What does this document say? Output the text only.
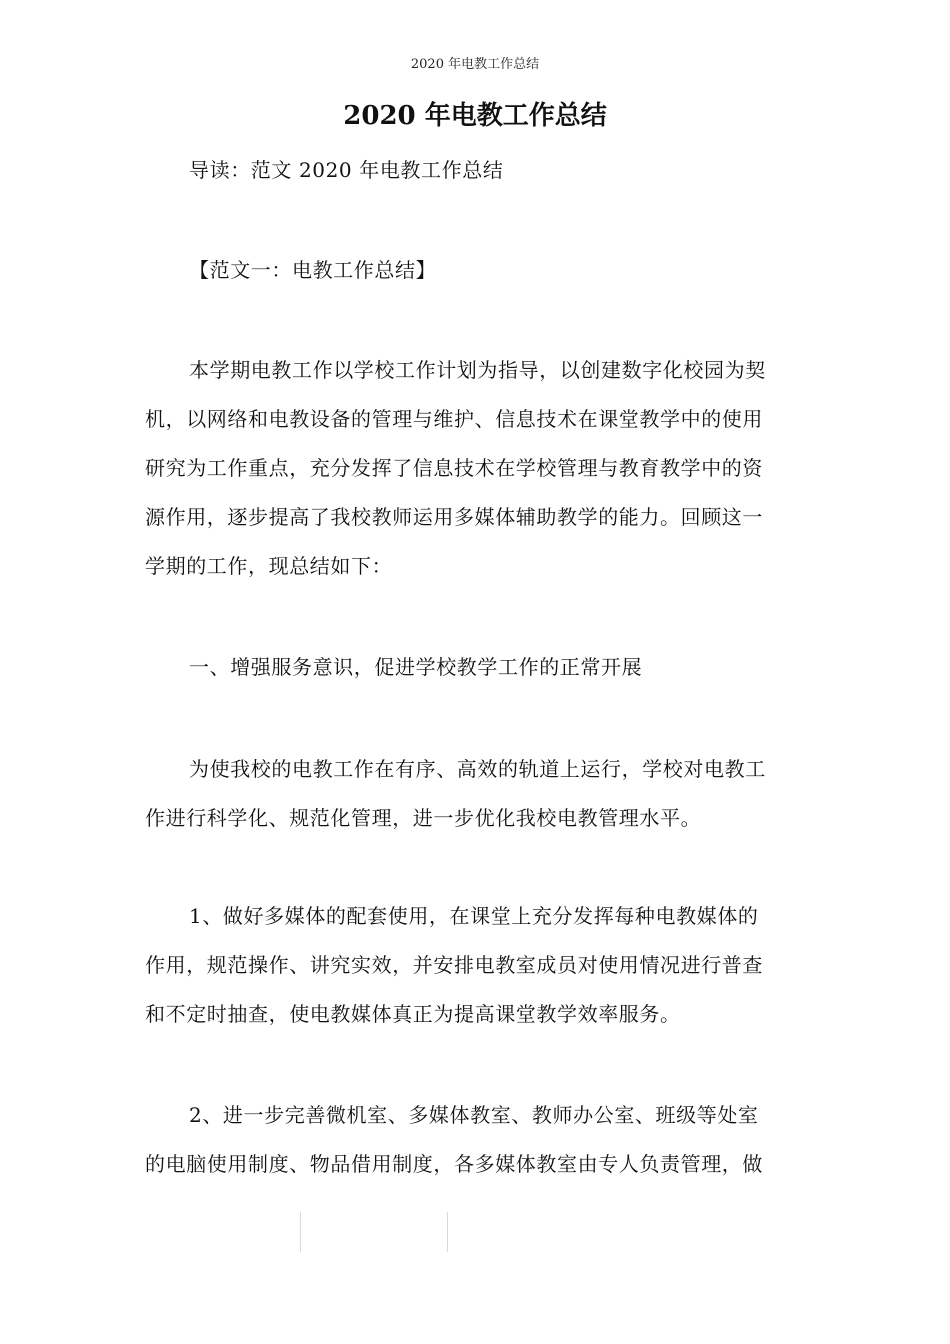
2020 年电教工作总结
2020 年电教工作总结

导读：范文 2020 年电教工作总结

【范文一：电教工作总结】

本学期电教工作以学校工作计划为指导，以创建数字化校园为契
机，以网络和电教设备的管理与维护、信息技术在课堂教学中的使用
研究为工作重点，充分发挥了信息技术在学校管理与教育教学中的资
源作用，逐步提高了我校教师运用多媒体辅助教学的能力。回顾这一
学期的工作，现总结如下：

一、增强服务意识，促进学校教学工作的正常开展

为使我校的电教工作在有序、高效的轨道上运行，学校对电教工
作进行科学化、规范化管理，进一步优化我校电教管理水平。

1、做好多媒体的配套使用，在课堂上充分发挥每种电教媒体的
作用，规范操作、讲究实效，并安排电教室成员对使用情况进行普查
和不定时抽查，使电教媒体真正为提高课堂教学效率服务。

2、进一步完善微机室、多媒体教室、教师办公室、班级等处室
的电脑使用制度、物品借用制度，各多媒体教室由专人负责管理，做
